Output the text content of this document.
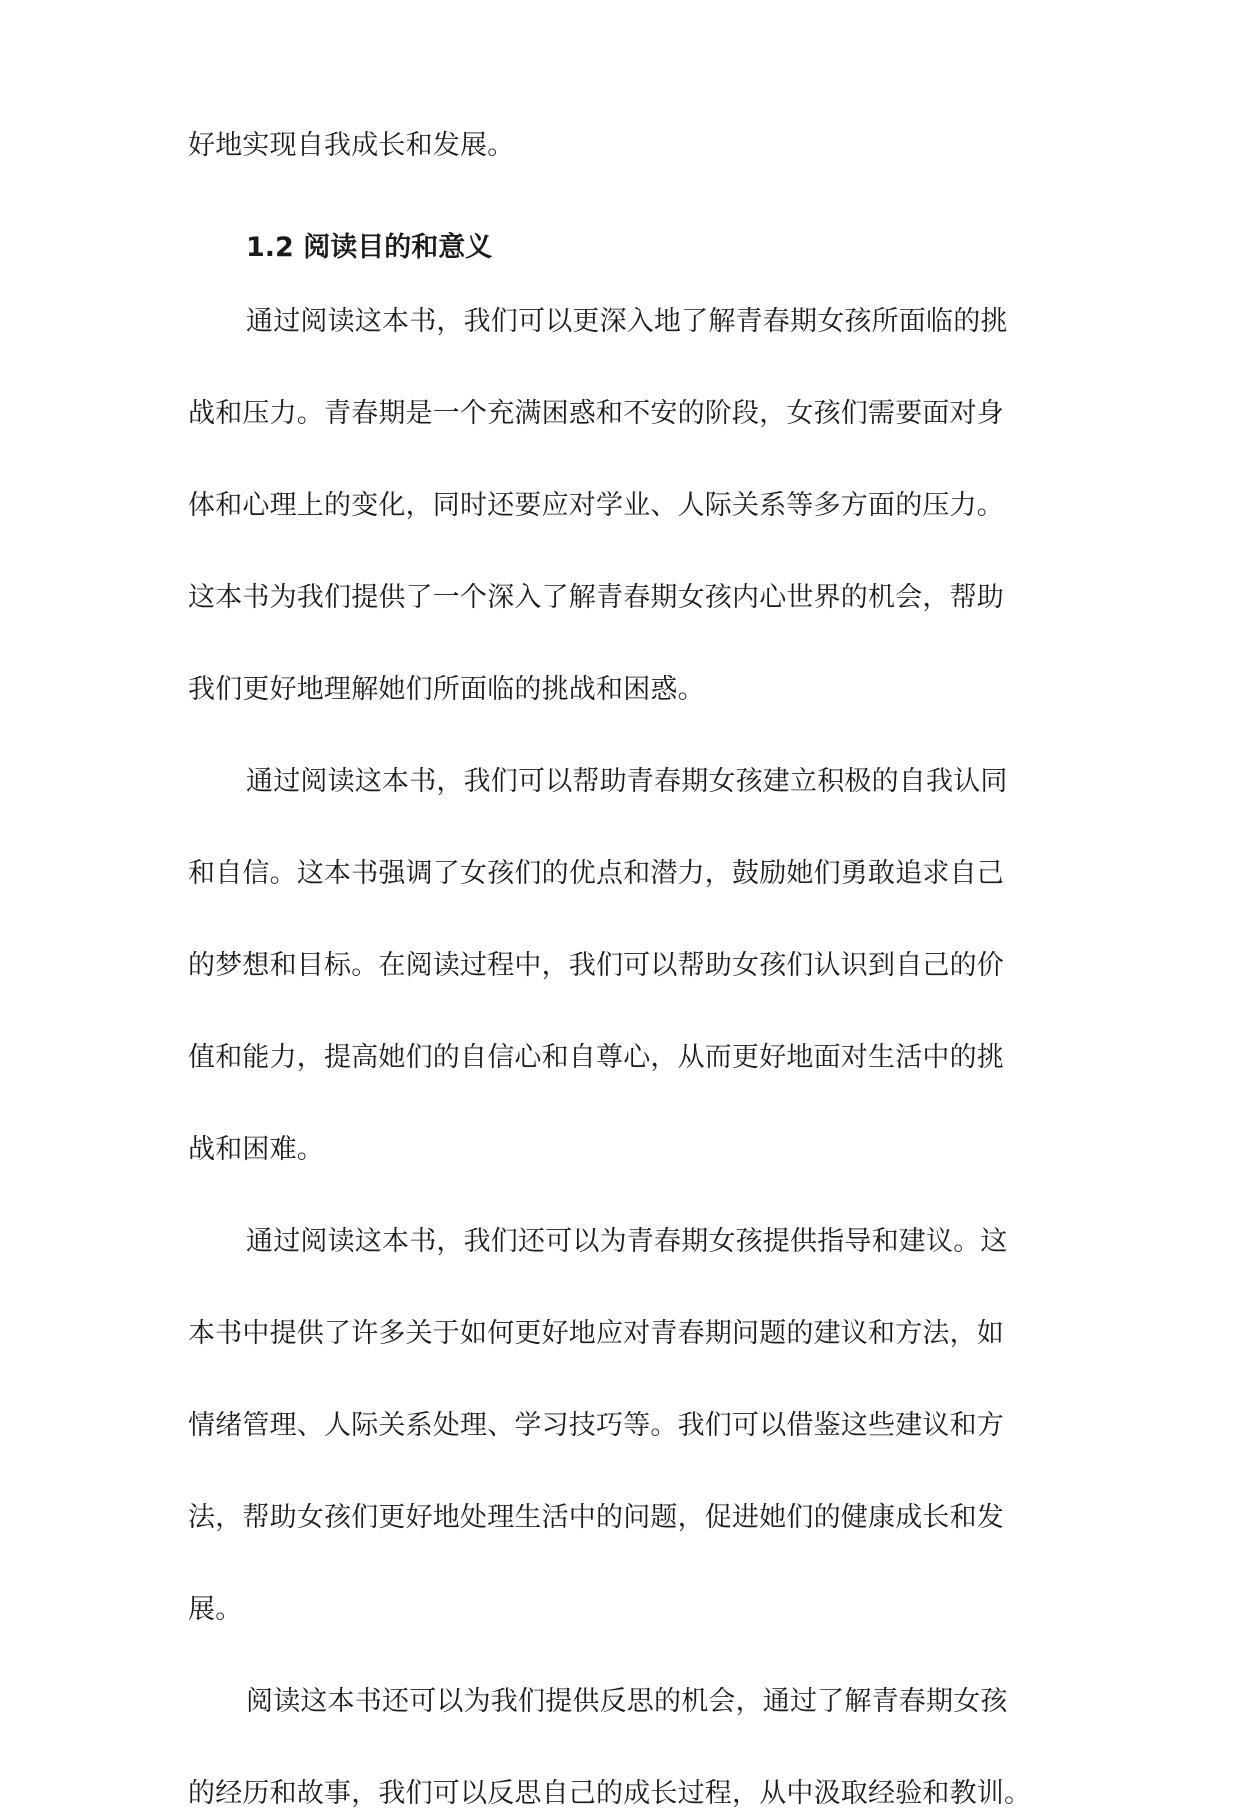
好地实现自我成长和发展。

1.2 阅读目的和意义

通过阅读这本书，我们可以更深入地了解青春期女孩所面临的挑

战和压力。青春期是一个充满困惑和不安的阶段，女孩们需要面对身

体和心理上的变化，同时还要应对学业、人际关系等多方面的压力。

这本书为我们提供了一个深入了解青春期女孩内心世界的机会，帮助

我们更好地理解她们所面临的挑战和困惑。

通过阅读这本书，我们可以帮助青春期女孩建立积极的自我认同

和自信。这本书强调了女孩们的优点和潜力，鼓励她们勇敢追求自己

的梦想和目标。在阅读过程中，我们可以帮助女孩们认识到自己的价

值和能力，提高她们的自信心和自尊心，从而更好地面对生活中的挑

战和困难。

通过阅读这本书，我们还可以为青春期女孩提供指导和建议。这

本书中提供了许多关于如何更好地应对青春期问题的建议和方法，如

情绪管理、人际关系处理、学习技巧等。我们可以借鉴这些建议和方

法，帮助女孩们更好地处理生活中的问题，促进她们的健康成长和发

展。

阅读这本书还可以为我们提供反思的机会，通过了解青春期女孩

的经历和故事，我们可以反思自己的成长过程，从中汲取经验和教训。
